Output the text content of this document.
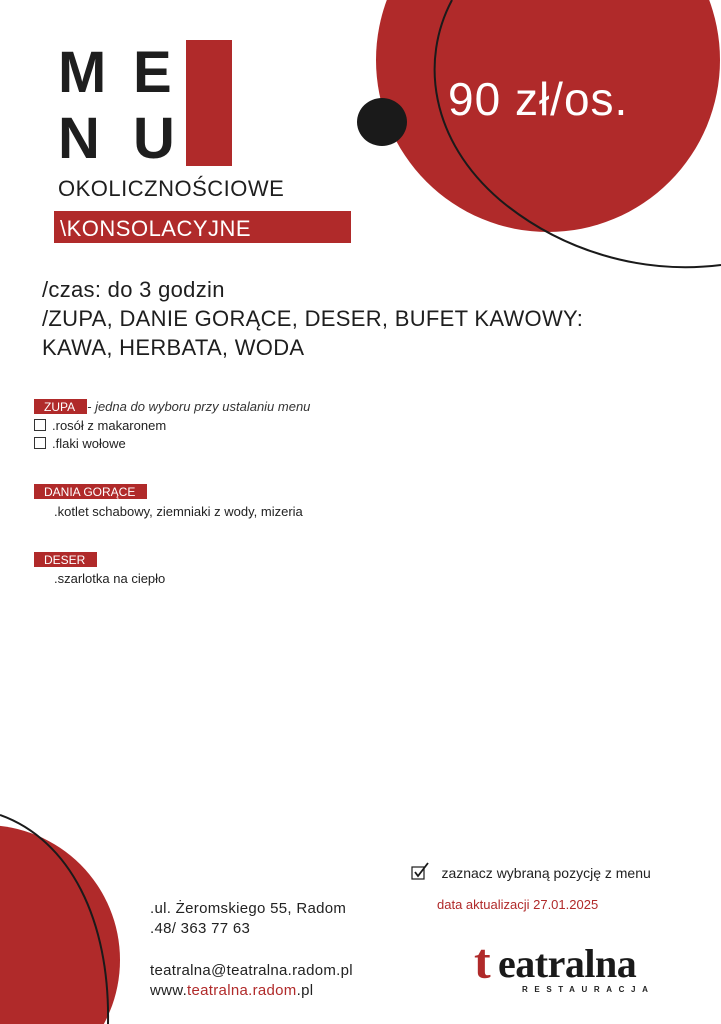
M E
N U
OKOLICZNOŚCIOWE
\KONSOLACYJNE
90 zł/os.
/czas: do 3 godzin
/ZUPA, DANIE GORĄCE, DESER, BUFET KAWOWY:
KAWA, HERBATA, WODA
ZUPA - jedna do wyboru przy ustalaniu menu
.rosół z makaronem
.flaki wołowe
DANIA GORĄCE
.kotlet schabowy, ziemniaki z wody, mizeria
DESER
.szarlotka na ciepło
zaznacz wybraną pozycję z menu
data aktualizacji 27.01.2025
.ul. Żeromskiego 55, Radom
.48/ 363 77 63
teatralna@teatralna.radom.pl
www.teatralna.radom.pl
t eatralna
RESTAURACJA
